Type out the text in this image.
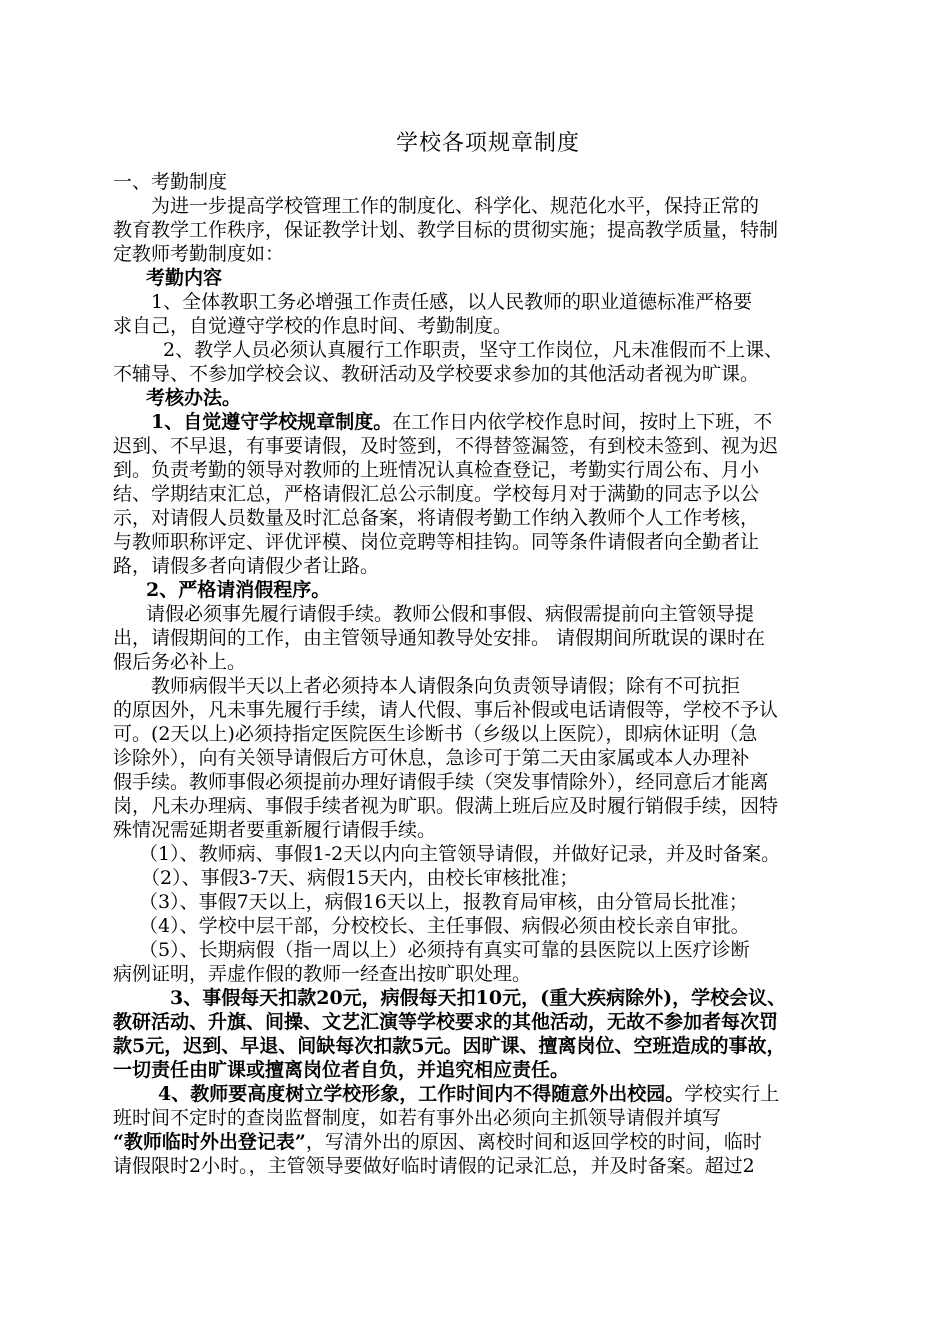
学校各项规章制度
一、考勤制度
为进一步提高学校管理工作的制度化、科学化、规范化水平，保持正常的
教育教学工作秩序，保证教学计划、教学目标的贯彻实施；提高教学质量，特制
定教师考勤制度如：
考勤内容
1、全体教职工务必增强工作责任感，以人民教师的职业道德标准严格要
求自己，自觉遵守学校的作息时间、考勤制度。
2、教学人员必须认真履行工作职责，坚守工作岗位，凡未准假而不上课、
不辅导、不参加学校会议、教研活动及学校要求参加的其他活动者视为旷课。
考核办法。
1、自觉遵守学校规章制度。在工作日内依学校作息时间，按时上下班，不
迟到、不早退，有事要请假，及时签到，不得替签漏签，有到校未签到、视为迟
到。负责考勤的领导对教师的上班情况认真检查登记，考勤实行周公布、月小
结、学期结束汇总，严格请假汇总公示制度。学校每月对于满勤的同志予以公
示，对请假人员数量及时汇总备案，将请假考勤工作纳入教师个人工作考核，
与教师职称评定、评优评模、岗位竞聘等相挂钩。同等条件请假者向全勤者让
路，请假多者向请假少者让路。
2、严格请消假程序。
请假必须事先履行请假手续。教师公假和事假、病假需提前向主管领导提
出，请假期间的工作，由主管领导通知教导处安排。 请假期间所耽误的课时在
假后务必补上。
教师病假半天以上者必须持本人请假条向负责领导请假；除有不可抗拒
的原因外，凡未事先履行手续，请人代假、事后补假或电话请假等，学校不予认
可。(2天以上)必须持指定医院医生诊断书（乡级以上医院），即病休证明（急
诊除外），向有关领导请假后方可休息，急诊可于第二天由家属或本人办理补
假手续。教师事假必须提前办理好请假手续（突发事情除外），经同意后才能离
岗，凡未办理病、事假手续者视为旷职。假满上班后应及时履行销假手续，因特
殊情况需延期者要重新履行请假手续。
（1）、教师病、事假1-2天以内向主管领导请假，并做好记录，并及时备案。
（2）、事假3-7天、病假15天内，由校长审核批准；
（3）、事假7天以上，病假16天以上，报教育局审核，由分管局长批准；
（4）、学校中层干部，分校校长、主任事假、病假必须由校长亲自审批。
（5）、长期病假（指一周以上）必须持有真实可靠的县医院以上医疗诊断
病例证明，弄虚作假的教师一经查出按旷职处理。
3、事假每天扣款20元，病假每天扣10元，(重大疾病除外)，学校会议、
教研活动、升旗、间操、文艺汇演等学校要求的其他活动，无故不参加者每次罚
款5元，迟到、早退、间缺每次扣款5元。因旷课、擅离岗位、空班造成的事故，
一切责任由旷课或擅离岗位者自负，并追究相应责任。
4、教师要高度树立学校形象，工作时间内不得随意外出校园。学校实行上
班时间不定时的查岗监督制度，如若有事外出必须向主抓领导请假并填写
“教师临时外出登记表”，写清外出的原因、离校时间和返回学校的时间，临时
请假限时2小时。，主管领导要做好临时请假的记录汇总，并及时备案。超过2
